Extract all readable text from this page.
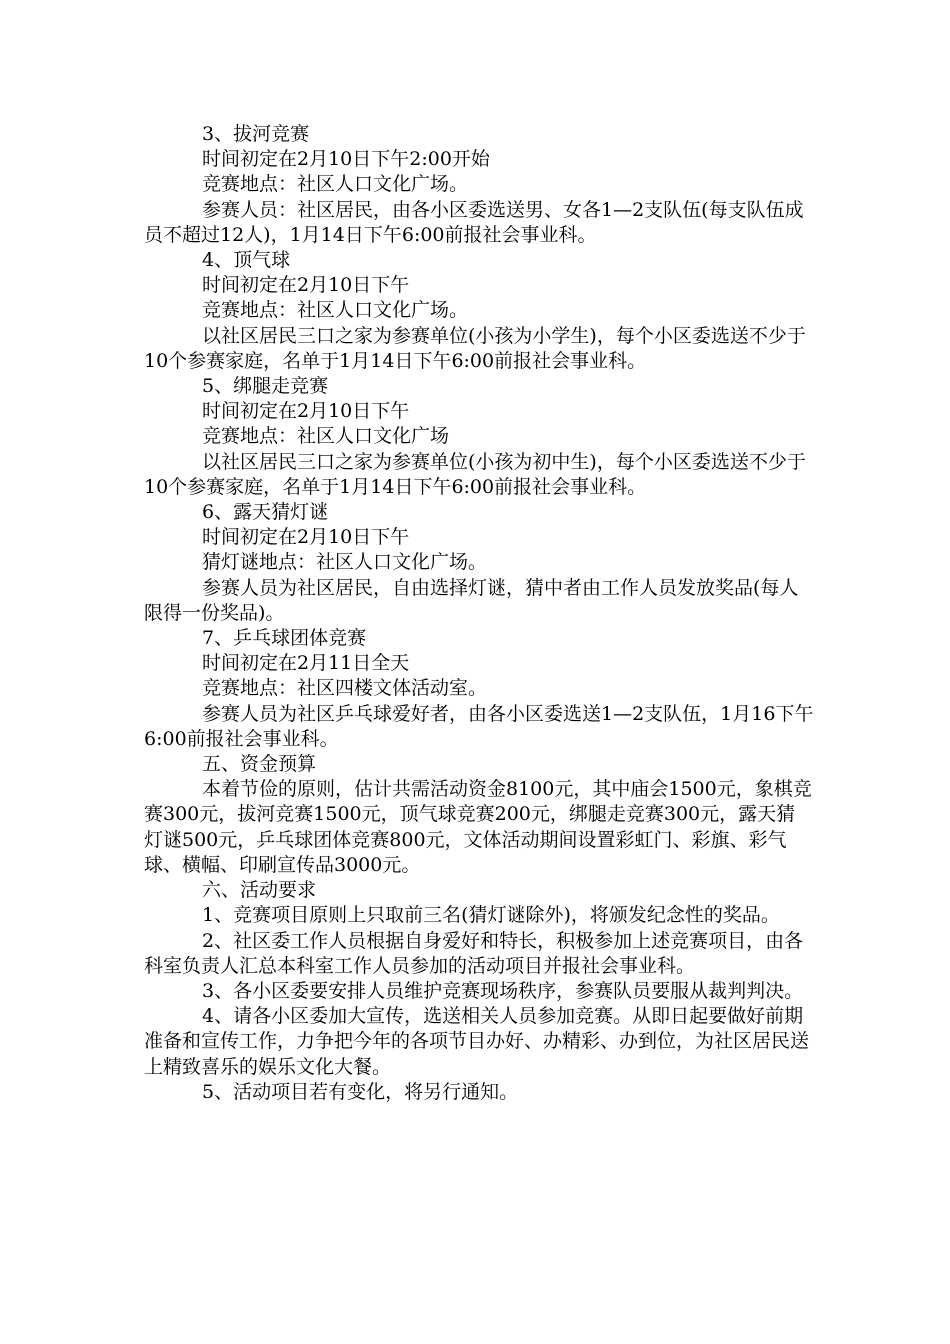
3、拔河竞赛

时间初定在2月10日下午2:00开始

竞赛地点：社区人口文化广场。

参赛人员：社区居民，由各小区委选送男、女各1—2支队伍(每支队伍成员不超过12人)，1月14日下午6:00前报社会事业科。

4、顶气球

时间初定在2月10日下午

竞赛地点：社区人口文化广场。

以社区居民三口之家为参赛单位(小孩为小学生)，每个小区委选送不少于10个参赛家庭，名单于1月14日下午6:00前报社会事业科。

5、绑腿走竞赛

时间初定在2月10日下午

竞赛地点：社区人口文化广场

以社区居民三口之家为参赛单位(小孩为初中生)，每个小区委选送不少于10个参赛家庭，名单于1月14日下午6:00前报社会事业科。

6、露天猜灯谜

时间初定在2月10日下午

猜灯谜地点：社区人口文化广场。

参赛人员为社区居民，自由选择灯谜，猜中者由工作人员发放奖品(每人限得一份奖品)。

7、乒乓球团体竞赛

时间初定在2月11日全天

竞赛地点：社区四楼文体活动室。

参赛人员为社区乒乓球爱好者，由各小区委选送1—2支队伍，1月16下午6:00前报社会事业科。

五、资金预算

本着节俭的原则，估计共需活动资金8100元，其中庙会1500元，象棋竞赛300元，拔河竞赛1500元，顶气球竞赛200元，绑腿走竞赛300元，露天猜灯谜500元，乒乓球团体竞赛800元，文体活动期间设置彩虹门、彩旗、彩气球、横幅、印刷宣传品3000元。

六、活动要求

1、竞赛项目原则上只取前三名(猜灯谜除外)，将颁发纪念性的奖品。

2、社区委工作人员根据自身爱好和特长，积极参加上述竞赛项目，由各科室负责人汇总本科室工作人员参加的活动项目并报社会事业科。

3、各小区委要安排人员维护竞赛现场秩序，参赛队员要服从裁判判决。

4、请各小区委加大宣传，选送相关人员参加竞赛。从即日起要做好前期准备和宣传工作，力争把今年的各项节目办好、办精彩、办到位，为社区居民送上精致喜乐的娱乐文化大餐。

5、活动项目若有变化，将另行通知。
